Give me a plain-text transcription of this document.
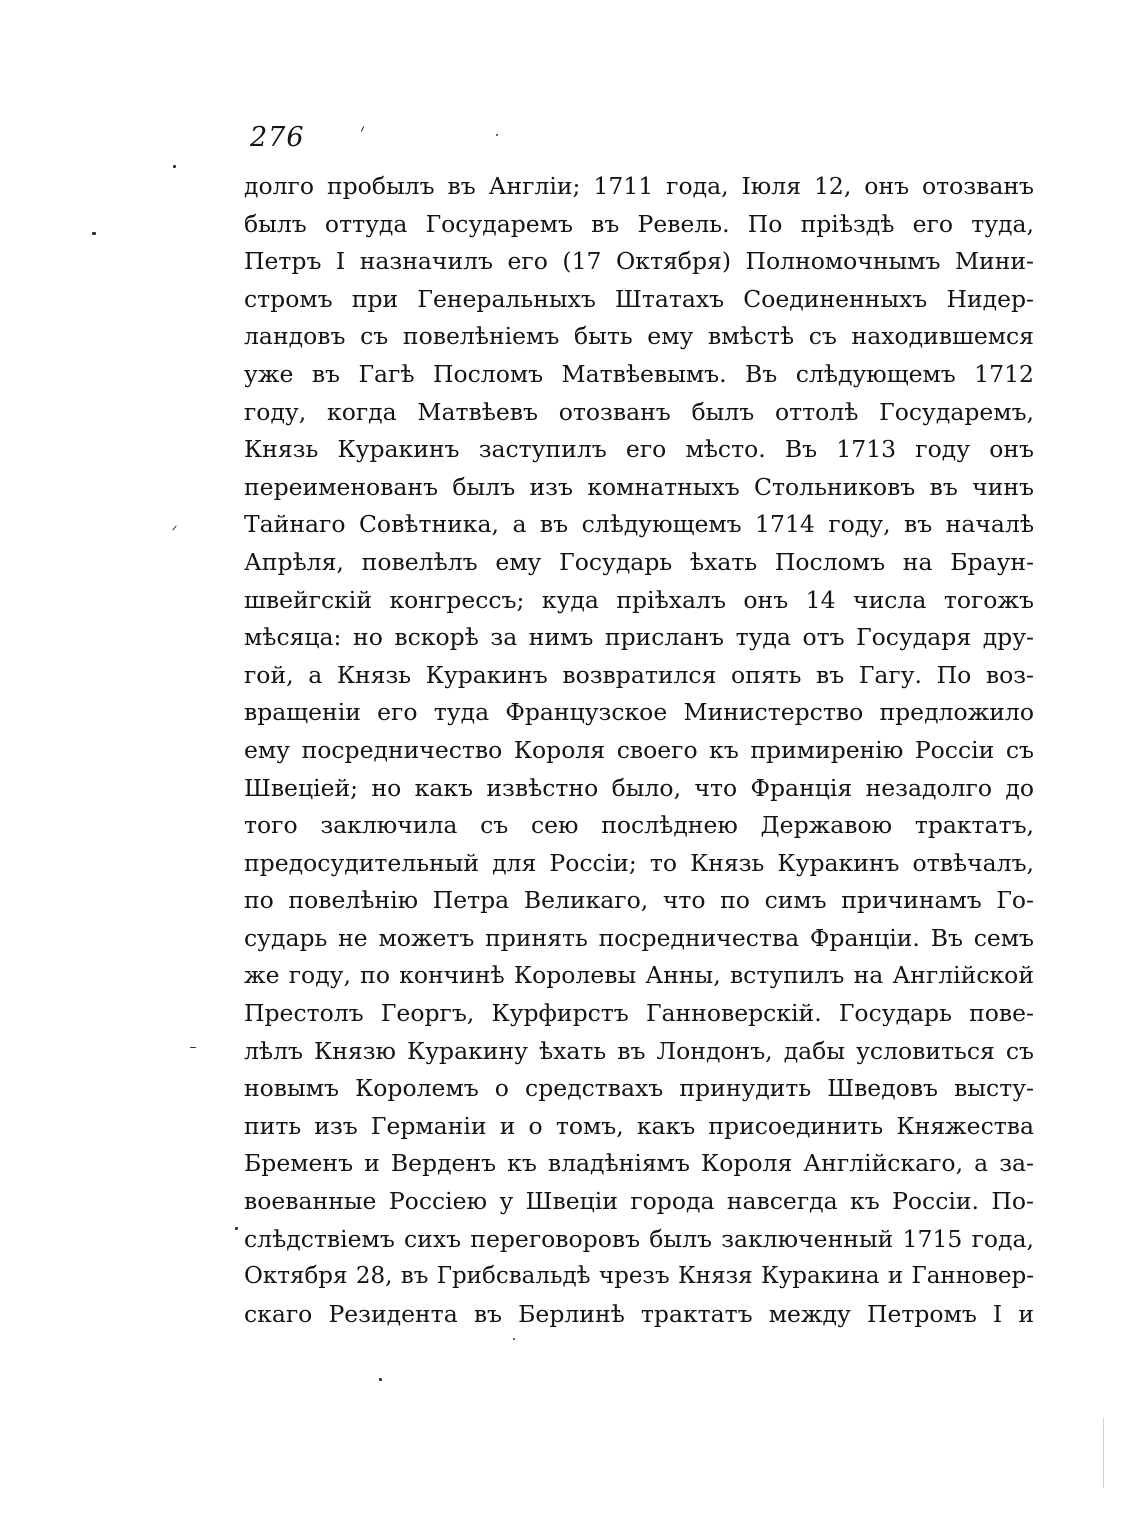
276
долго пробылъ въ Англіи; 1711 года, Іюля 12, онъ отозванъ
былъ оттуда Государемъ въ Ревель. По пріѣздѣ его туда,
Петръ I назначилъ его (17 Октября) Полномочнымъ Мини-
стромъ при Генеральныхъ Штатахъ Соединенныхъ Нидер-
ландовъ съ повелѣніемъ быть ему вмѣстѣ съ находившемся
уже въ Гагѣ Посломъ Матвѣевымъ. Въ слѣдующемъ 1712
году, когда Матвѣевъ отозванъ былъ оттолѣ Государемъ,
Князь Куракинъ заступилъ его мѣсто. Въ 1713 году онъ
переименованъ былъ изъ комнатныхъ Стольниковъ въ чинъ
Тайнаго Совѣтника, а въ слѣдующемъ 1714 году, въ началѣ
Апрѣля, повелѣлъ ему Государь ѣхать Посломъ на Браун-
швейгскій конгрессъ; куда пріѣхалъ онъ 14 числа тогожъ
мѣсяца: но вскорѣ за нимъ присланъ туда отъ Государя дру-
гой, а Князь Куракинъ возвратился опять въ Гагу. По воз-
вращеніи его туда Французское Министерство предложило
ему посредничество Короля своего къ примиренію Россіи съ
Швеціей; но какъ извѣстно было, что Франція незадолго до
того заключила съ сею послѣднею Державою трактатъ,
предосудительный для Россіи; то Князь Куракинъ отвѣчалъ,
по повелѣнію Петра Великаго, что по симъ причинамъ Го-
сударь не можетъ принять посредничества Франціи. Въ семъ
же году, по кончинѣ Королевы Анны, вступилъ на Англійской
Престолъ Георгъ, Курфирстъ Ганноверскій. Государь пове-
лѣлъ Князю Куракину ѣхать въ Лондонъ, дабы условиться съ
новымъ Королемъ о средствахъ принудить Шведовъ высту-
пить изъ Германіи и о томъ, какъ присоединить Княжества
Бременъ и Верденъ къ владѣніямъ Короля Англійскаго, а за-
воеванные Россіею у Швеціи города навсегда къ Россіи. По-
слѣдствіемъ сихъ переговоровъ былъ заключенный 1715 года,
Октября 28, въ Грибсвальдѣ чрезъ Князя Куракина и Ганновер-
скаго Резидента въ Берлинѣ трактатъ между Петромъ I и
